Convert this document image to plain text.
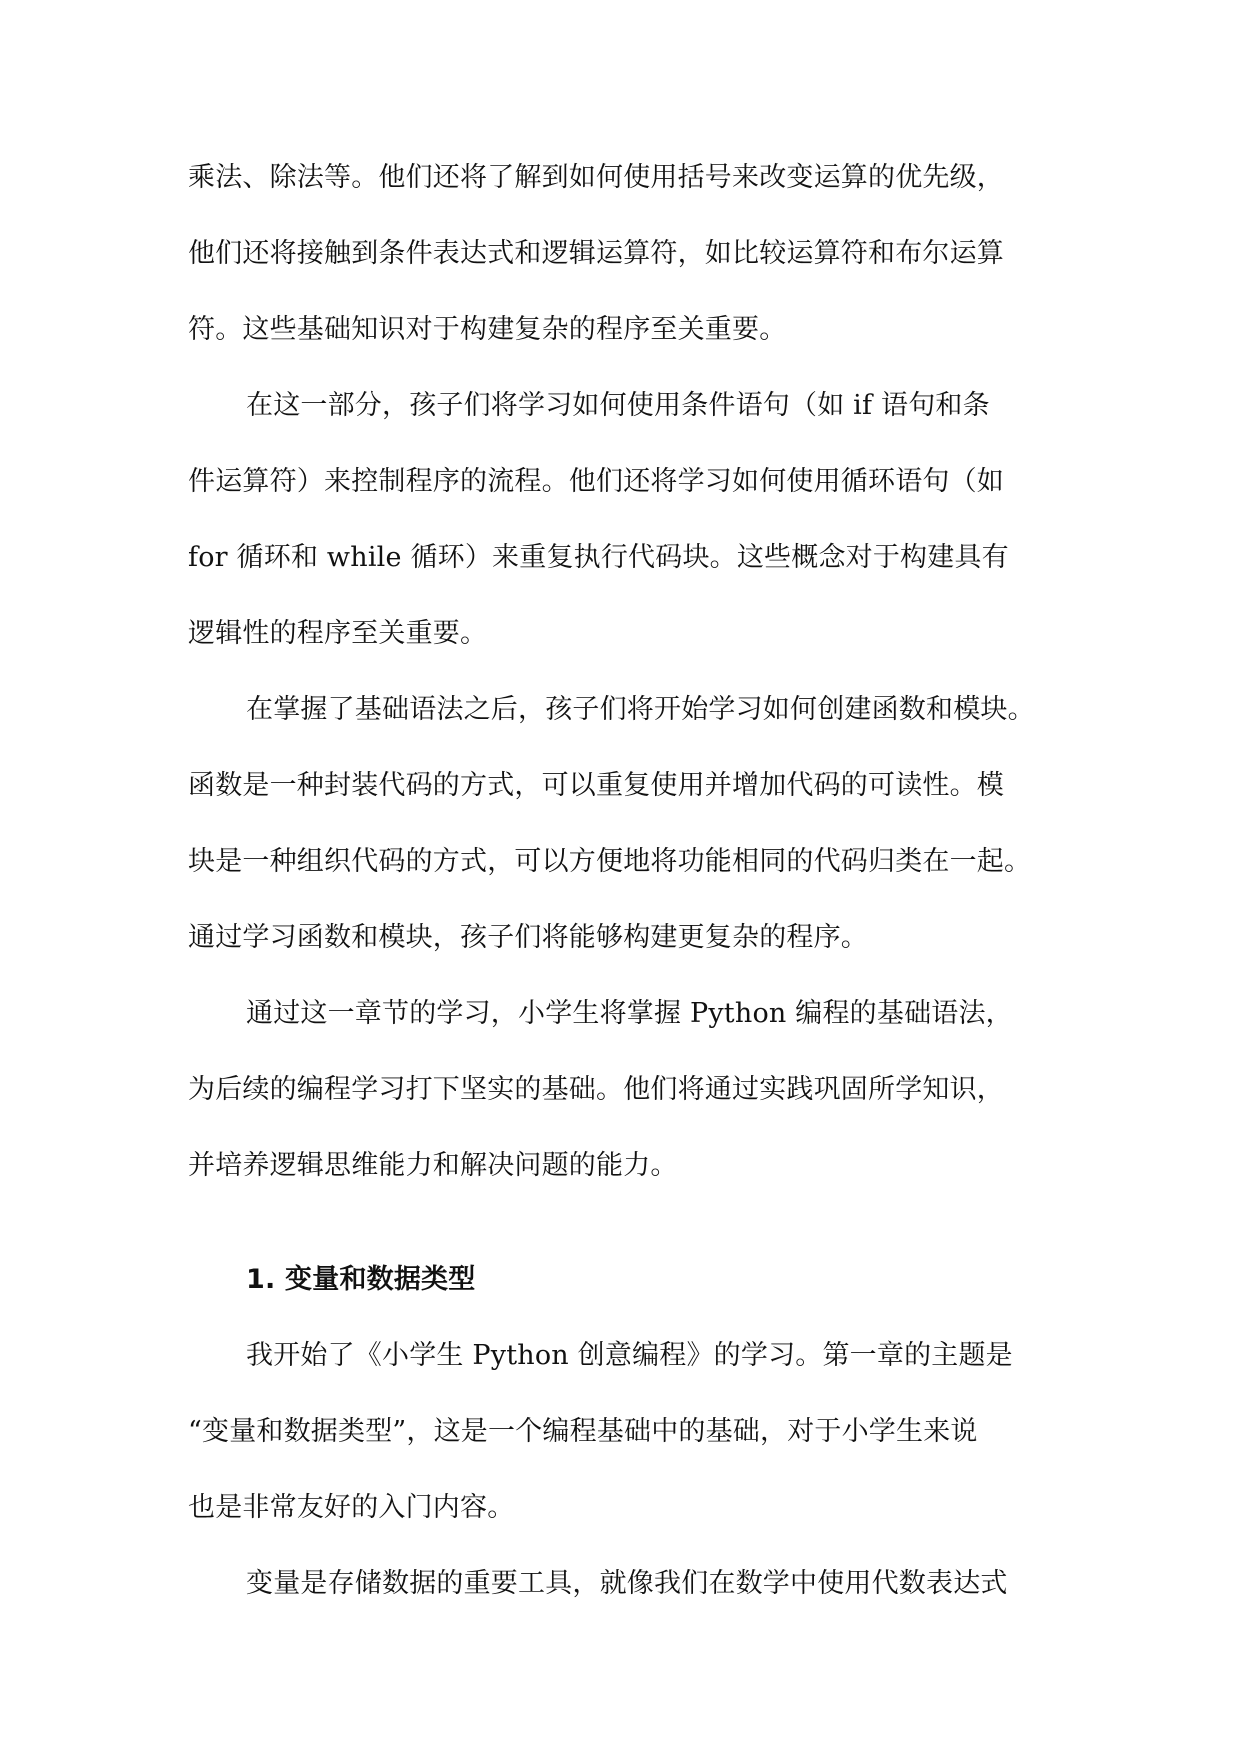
乘法、除法等。他们还将了解到如何使用括号来改变运算的优先级，
他们还将接触到条件表达式和逻辑运算符，如比较运算符和布尔运算
符。这些基础知识对于构建复杂的程序至关重要。
在这一部分，孩子们将学习如何使用条件语句（如 if 语句和条
件运算符）来控制程序的流程。他们还将学习如何使用循环语句（如
for 循环和 while 循环）来重复执行代码块。这些概念对于构建具有
逻辑性的程序至关重要。
在掌握了基础语法之后，孩子们将开始学习如何创建函数和模块。
函数是一种封装代码的方式，可以重复使用并增加代码的可读性。模
块是一种组织代码的方式，可以方便地将功能相同的代码归类在一起。
通过学习函数和模块，孩子们将能够构建更复杂的程序。
通过这一章节的学习，小学生将掌握 Python 编程的基础语法，
为后续的编程学习打下坚实的基础。他们将通过实践巩固所学知识，
并培养逻辑思维能力和解决问题的能力。
1. 变量和数据类型
我开始了《小学生 Python 创意编程》的学习。第一章的主题是
“变量和数据类型”，这是一个编程基础中的基础，对于小学生来说
也是非常友好的入门内容。
变量是存储数据的重要工具，就像我们在数学中使用代数表达式
